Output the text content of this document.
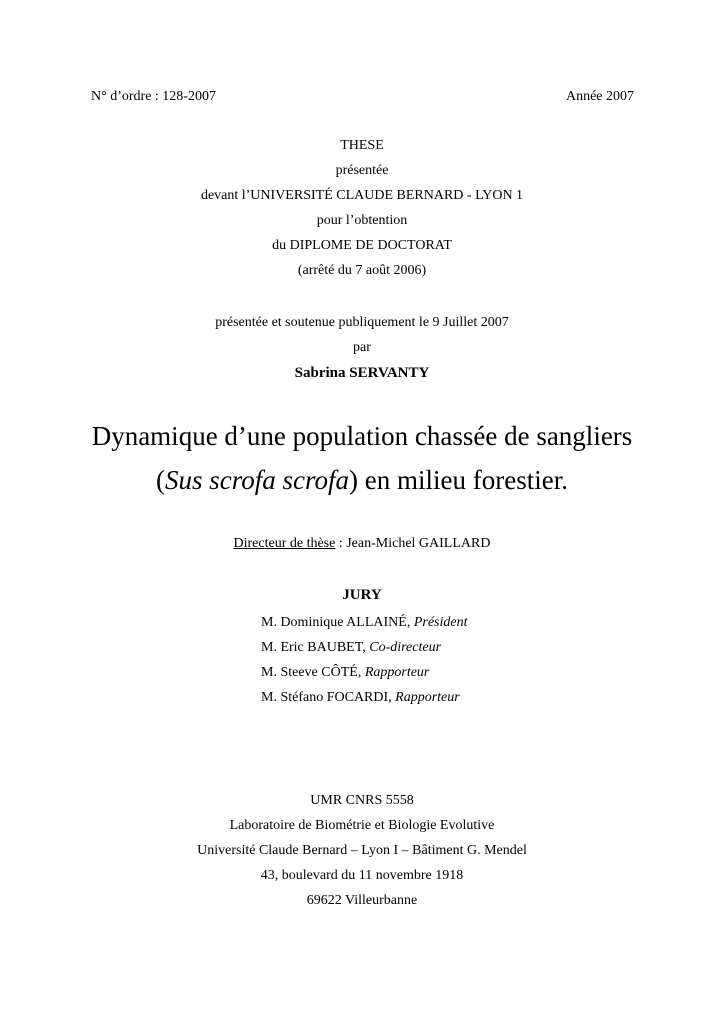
N° d’ordre : 128-2007	Année 2007
THESE
présentée
devant l’UNIVERSITÉ CLAUDE BERNARD - LYON 1
pour l’obtention
du DIPLOME DE DOCTORAT
(arrêté du 7 août 2006)
présentée et soutenue publiquement le 9 Juillet 2007
par
Sabrina SERVANTY
Dynamique d’une population chassée de sangliers
(Sus scrofa scrofa) en milieu forestier.
Directeur de thèse : Jean-Michel GAILLARD
JURY
M. Dominique ALLAINÉ, Président
M. Eric BAUBET, Co-directeur
M. Steeve CÔTÉ, Rapporteur
M. Stéfano FOCARDI, Rapporteur
UMR CNRS 5558
Laboratoire de Biométrie et Biologie Evolutive
Université Claude Bernard – Lyon I – Bâtiment G. Mendel
43, boulevard du 11 novembre 1918
69622 Villeurbanne
